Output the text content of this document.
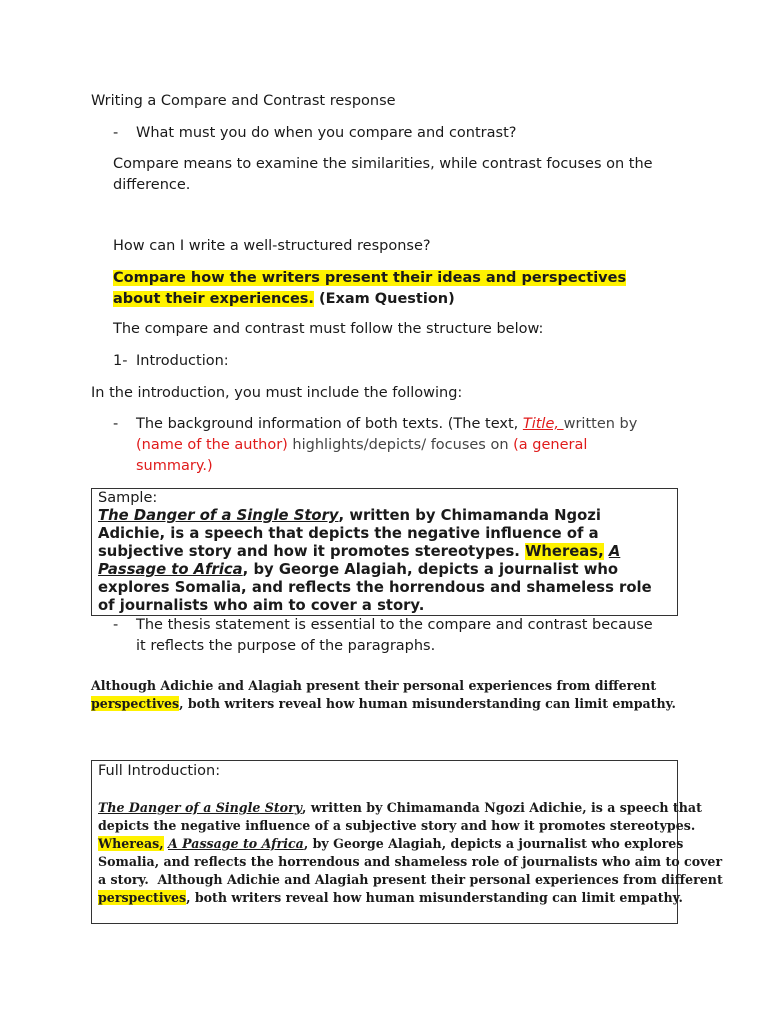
Writing a Compare and Contrast response
- What must you do when you compare and contrast?
Compare means to examine the similarities, while contrast focuses on the
difference.
How can I write a well-structured response?
Compare how the writers present their ideas and perspectives
about their experiences. (Exam Question)
The compare and contrast must follow the structure below:
1- Introduction:
In the introduction, you must include the following:
- The background information of both texts. (The text, Title, written by
(name of the author) highlights/depicts/ focuses on (a general
summary.)
Sample:
The Danger of a Single Story, written by Chimamanda Ngozi
Adichie, is a speech that depicts the negative influence of a
subjective story and how it promotes stereotypes. Whereas, A
Passage to Africa, by George Alagiah, depicts a journalist who
explores Somalia, and reflects the horrendous and shameless role
of journalists who aim to cover a story.
- The thesis statement is essential to the compare and contrast because
it reflects the purpose of the paragraphs.
Although Adichie and Alagiah present their personal experiences from different
perspectives, both writers reveal how human misunderstanding can limit empathy.
Full Introduction:
The Danger of a Single Story, written by Chimamanda Ngozi Adichie, is a speech that
depicts the negative influence of a subjective story and how it promotes stereotypes.
Whereas, A Passage to Africa, by George Alagiah, depicts a journalist who explores
Somalia, and reflects the horrendous and shameless role of journalists who aim to cover
a story.  Although Adichie and Alagiah present their personal experiences from different
perspectives, both writers reveal how human misunderstanding can limit empathy.
